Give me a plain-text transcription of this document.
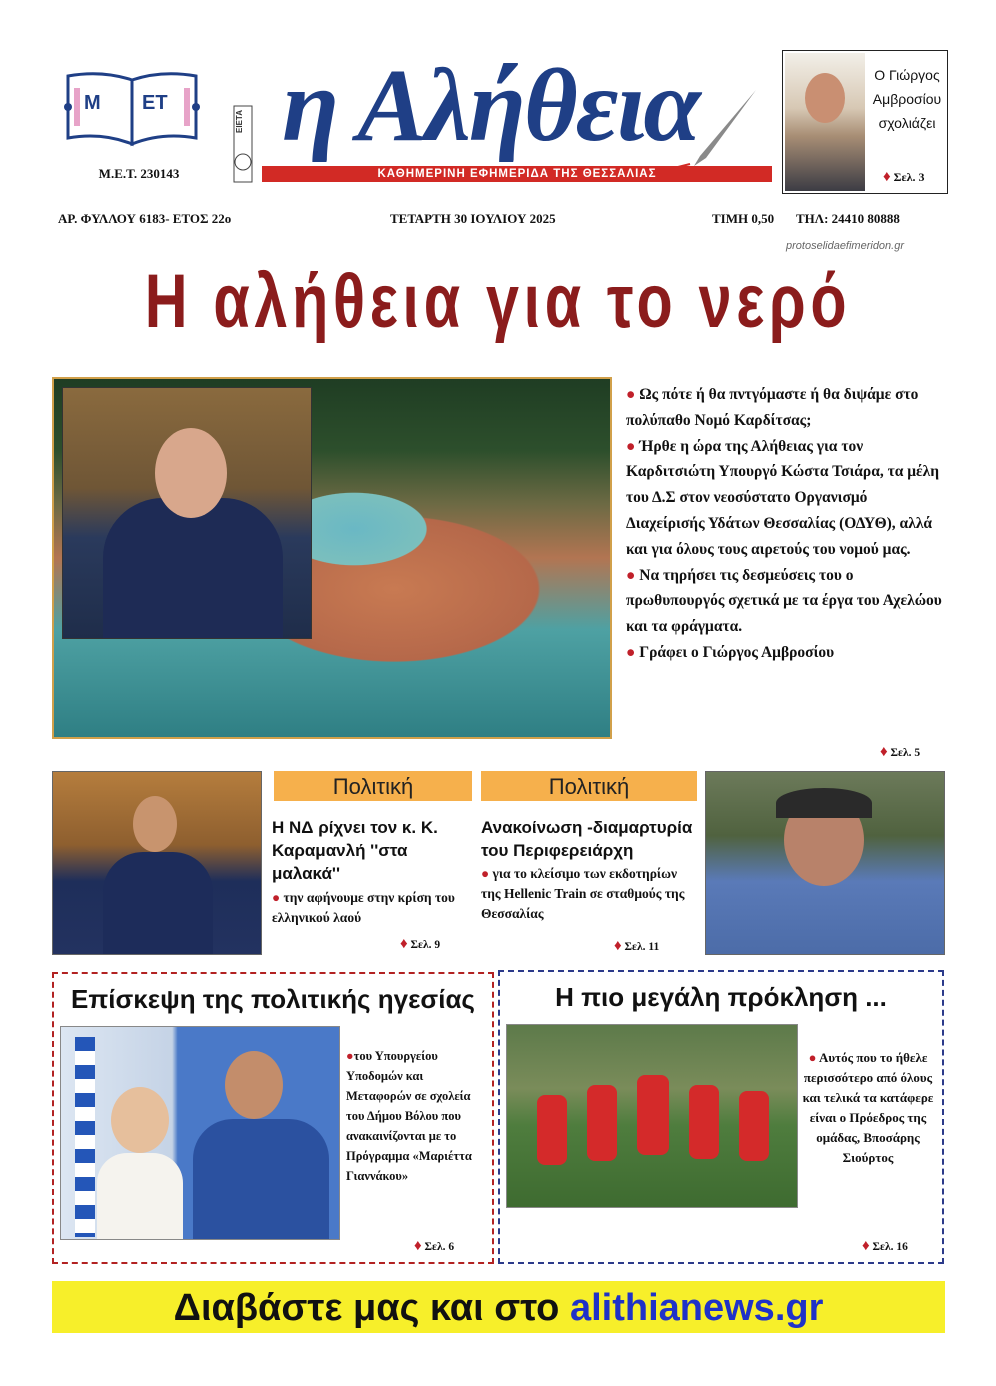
M ET
Μ.Ε.Τ. 230143
ΕΙΕΤΑ η Αλήθεια
ΚΑΘΗΜΕΡΙΝΗ ΕΦΗΜΕΡΙΔΑ ΤΗΣ ΘΕΣΣΑΛΙΑΣ
Ο Γιώργος
Αμβροσίου
σχολιάζει
♦ Σελ. 3
ΑΡ. ΦΥΛΛΟΥ 6183- ΕΤΟΣ 22ο	ΤΕΤΑΡΤΗ 30 ΙΟΥΛΙΟΥ 2025	ΤΙΜΗ 0,50 ΤΗΛ: 24410 80888
protoselidaefimeridon.gr
Η αλήθεια για το νερό

● Ως πότε ή θα πντγόμαστε ή θα διψάμε στο πολύπαθο Νομό Καρδίτσας;

● Ήρθε η ώρα της Αλήθειας για τον Καρδιτσιώτη Υπουργό Κώστα Τσιάρα, τα μέλη του Δ.Σ στον νεοσύστατο Οργανισμό Διαχείρισής Υδάτων Θεσσαλίας (ΟΔΥΘ), αλλά και για όλους τους αιρετούς του νομού μας.

● Να τηρήσει τις δεσμεύσεις του ο πρωθυπουργός σχετικά με τα έργα του Αχελώου και τα φράγματα.

● Γράφει ο Γιώργος Αμβροσίου

♦ Σελ. 5
Πολιτική
Η ΝΔ ρίχνει τον κ. Κ. Καραμανλή ''στα μαλακά''
● την αφήνουμε στην κρίση του ελληνικού λαού
♦ Σελ. 9
Πολιτική
Ανακοίνωση -διαμαρτυρία του Περιφερειάρχη
● για το κλείσιμο των εκδοτηρίων της Hellenic Train σε σταθμούς της Θεσσαλίας
♦ Σελ. 11
Επίσκεψη της πολιτικής ηγεσίας
●του Υπουργείου Υποδομών και Μεταφορών σε σχολεία του Δήμου Βόλου που ανακαινίζονται με το Πρόγραμμα «Μαριέττα Γιαννάκου»
♦ Σελ. 6
Η πιο μεγάλη πρόκληση ...
● Αυτός που το ήθελε περισσότερο από όλους και τελικά τα κατάφερε είναι ο Πρόεδρος της ομάδας, Βποσάρης Σιούρτος
♦ Σελ. 16
Διαβάστε μας και στο alithianews.gr
